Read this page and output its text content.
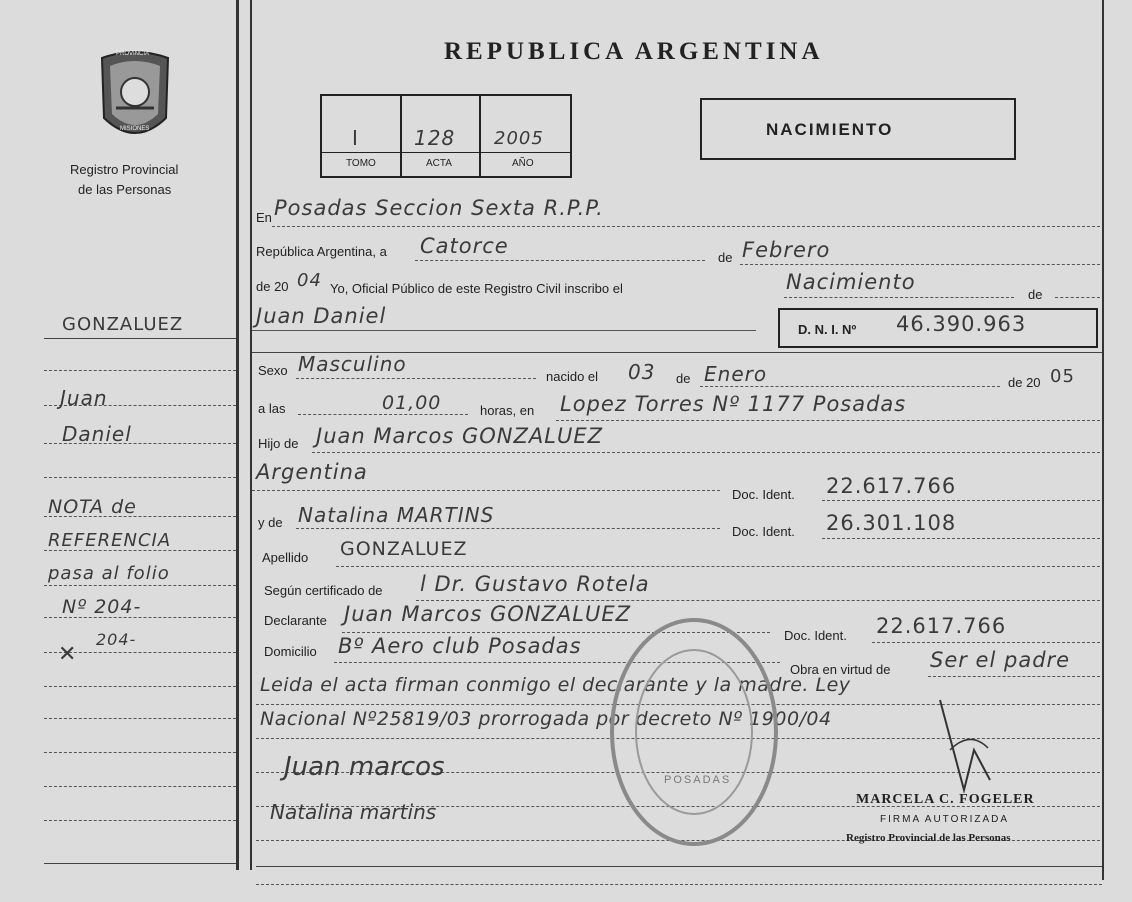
PROVINCIA
MISIONES
Registro Provincial
de las Personas
GONZALUEZ
Juan
Daniel
NOTA de
REFERENCIA
pasa al folio
Nº 204-
204-
✕
REPUBLICA ARGENTINA
I	128 2005
TOMO	ACTA	AÑO
NACIMIENTO
En Posadas Seccion Sexta R.P.P.
República Argentina, a Catorce	de Febrero
de 20 04 Yo, Oficial Público de este Registro Civil inscribo el	Nacimiento
de
Juan Daniel
D. N. I. Nº 46.390.963
Sexo Masculino
nacido el 03 de Enero	de 20 05
a las	01,00	horas, en Lopez Torres Nº 1177 Posadas
Hijo de Juan Marcos GONZALUEZ
Argentina
Doc. Ident. 22.617.766
y de Natalina MARTINS
Doc. Ident. 26.301.108
Apellido GONZALUEZ
Según certificado de l Dr. Gustavo Rotela
Declarante Juan Marcos GONZALUEZ
Doc. Ident. 22.617.766
Domicilio Bº Aero club Posadas
Obra en virtud de Ser el padre
Leida el acta firman conmigo el declarante y la madre. Ley
Nacional Nº25819/03 prorrogada por decreto Nº 1900/04
Juan marcos
Natalina martins
POSADAS
MARCELA C. FOGELER
FIRMA AUTORIZADA
Registro Provincial de las Personas
